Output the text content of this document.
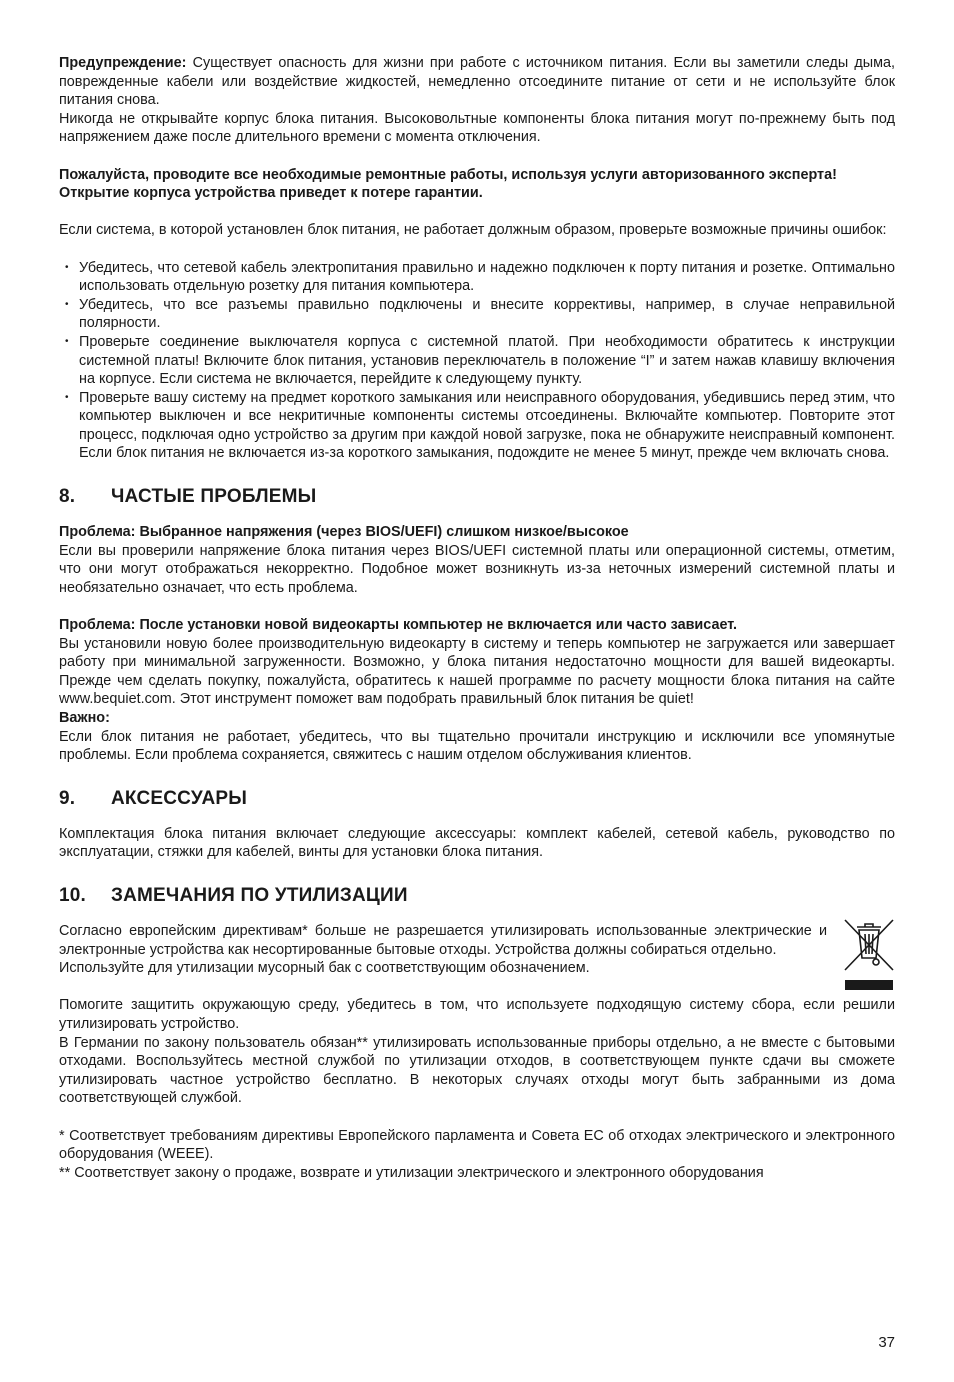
Предупреждение: Существует опасность для жизни при работе с источником питания. Если вы заметили следы дыма, поврежденные кабели или воздействие жидкостей, немедленно отсоедините питание от сети и не используйте блок питания снова.

Никогда не открывайте корпус блока питания. Высоковольтные компоненты блока питания могут по-прежнему быть под напряжением даже после длительного времени с момента отключения.

Пожалуйста, проводите все необходимые ремонтные работы, используя услуги авторизованного эксперта!

Открытие корпуса устройства приведет к потере гарантии.

Если система, в которой установлен блок питания, не работает должным образом, проверьте возможные причины ошибок:

• Убедитесь, что сетевой кабель электропитания правильно и надежно подключен к порту питания и розетке. Оптимально использовать отдельную розетку для питания компьютера.
• Убедитесь, что все разъемы правильно подключены и внесите коррективы, например, в случае неправильной полярности.
• Проверьте соединение выключателя корпуса с системной платой. При необходимости обратитесь к инструкции системной платы! Включите блок питания, установив переключатель в положение “I” и затем нажав клавишу включения на корпусе. Если система не включается, перейдите к следующему пункту.
• Проверьте вашу систему на предмет короткого замыкания или неисправного оборудования, убедившись перед этим, что компьютер выключен и все некритичные компоненты системы отсоединены. Включайте компьютер. Повторите этот процесс, подключая одно устройство за другим при каждой новой загрузке, пока не обнаружите неисправный компонент. Если блок питания не включается из-за короткого замыкания, подождите не менее 5 минут, прежде чем включать снова.
8.	ЧАСТЫЕ ПРОБЛЕМЫ

Проблема: Выбранное напряжения (через BIOS/UEFI) слишком низкое/высокое

Если вы проверили напряжение блока питания через BIOS/UEFI системной платы или операционной системы, отметим, что они могут отображаться некорректно. Подобное может возникнуть из-за неточных измерений системной платы и необязательно означает, что есть проблема.

Проблема: После установки новой видеокарты компьютер не включается или часто зависает.

Вы установили новую более производительную видеокарту в систему и теперь компьютер не загружается или завершает работу при минимальной загруженности. Возможно, у блока питания недостаточно мощности для вашей видеокарты. Прежде чем сделать покупку, пожалуйста, обратитесь к нашей программе по расчету мощности блока питания на сайте www.bequiet.com. Этот инструмент поможет вам подобрать правильный блок питания be quiet!

Важно:

Если блок питания не работает, убедитесь, что вы тщательно прочитали инструкцию и исключили все упомянутые проблемы. Если проблема сохраняется, свяжитесь с нашим отделом обслуживания клиентов.

9.	АКСЕССУАРЫ

Комплектация блока питания включает следующие аксессуары: комплект кабелей, сетевой кабель, руководство по эксплуатации, стяжки для кабелей, винты для установки блока питания.

10.	ЗАМЕЧАНИЯ ПО УТИЛИЗАЦИИ

Согласно европейским директивам* больше не разрешается утилизировать использованные электрические и электронные устройства как несортированные бытовые отходы. Устройства должны собираться отдельно.

Используйте для утилизации мусорный бак с соответствующим обозначением.

Помогите защитить окружающую среду, убедитесь в том, что используете подходящую систему сбора, если решили утилизировать устройство.

В Германии по закону пользователь обязан** утилизировать использованные приборы отдельно, а не вместе с бытовыми отходами. Воспользуйтесь местной службой по утилизации отходов, в соответствующем пункте сдачи вы сможете утилизировать частное устройство бесплатно. В некоторых случаях отходы могут быть забранными из дома соответствующей службой.

* Соответствует требованиям директивы Европейского парламента и Совета ЕС об отходах электрического и электронного оборудования (WEEE).

** Соответствует закону о продаже, возврате и утилизации электрического и электронного оборудования

37
